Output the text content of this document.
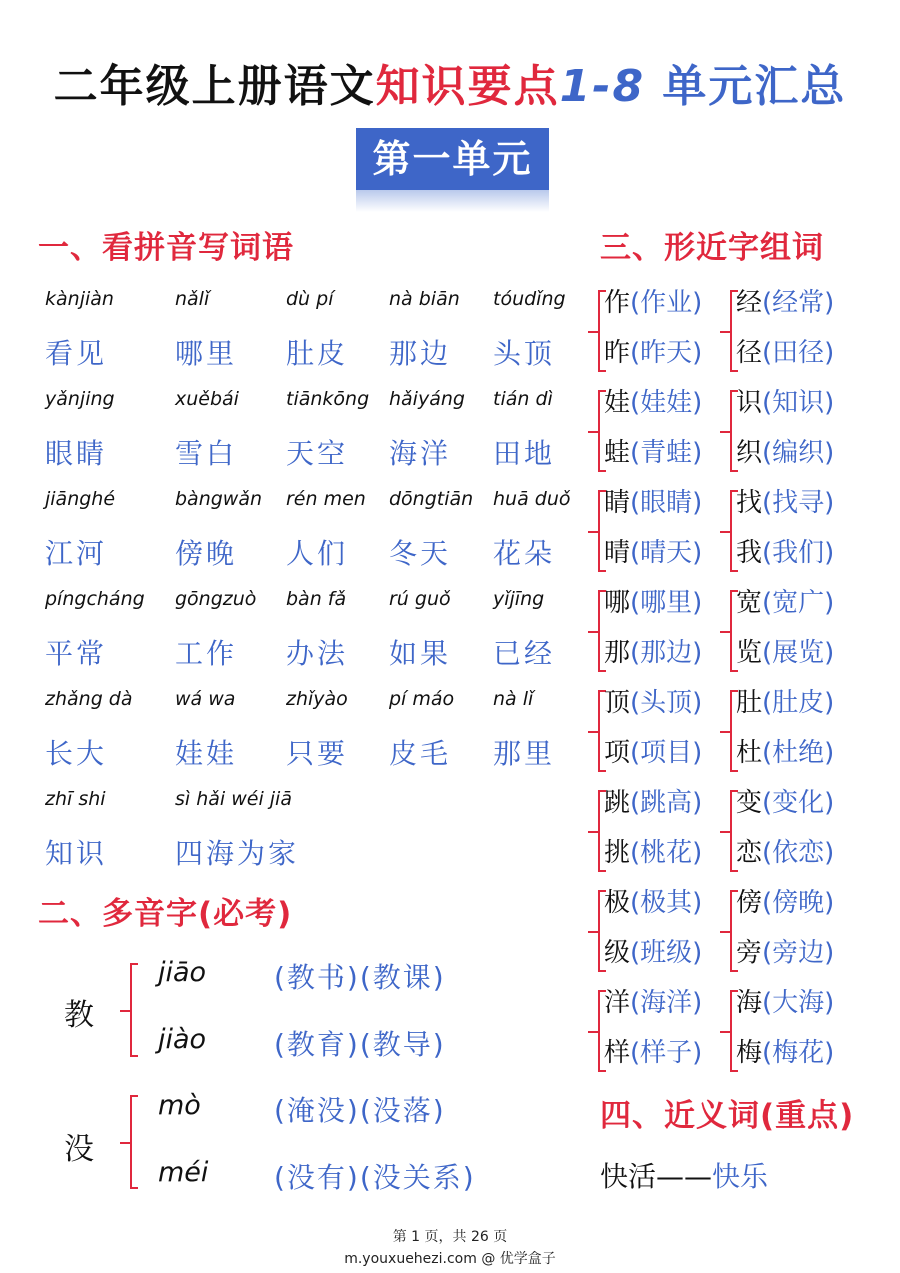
二年级上册语文知识要点1-8 单元汇总
第一单元
一、看拼音写词语
kànjiàn
看见
nǎlǐ
哪里
dù pí
肚皮
nà biān
那边
tóudǐng
头顶
yǎnjing
眼睛
xuěbái
雪白
tiānkōng
天空
hǎiyáng
海洋
tián dì
田地
jiānghé
江河
bàngwǎn
傍晚
rén men
人们
dōngtiān
冬天
huā duǒ
花朵
píngcháng
平常
gōngzuò
工作
bàn fǎ
办法
rú guǒ
如果
yǐjīng
已经
zhǎng dà
长大
wá wa
娃娃
zhǐyào
只要
pí máo
皮毛
nà lǐ
那里
zhī shi
知识
sì hǎi wéi jiā
四海为家
二、多音字(必考)
教
jiāo (教书)(教课)
jiào (教育)(教导)
没
mò	(淹没)(没落)
méi (没有)(没关系)
三、形近字组词
作(作业)
昨(昨天)
经(经常)
径(田径)
娃(娃娃)
蛙(青蛙)
识(知识)
织(编织)
睛(眼睛)
晴(晴天)
找(找寻)
我(我们)
哪(哪里)
那(那边)
宽(宽广)
览(展览)
顶(头顶)
项(项目)
肚(肚皮)
杜(杜绝)
跳(跳高)
挑(桃花)
变(变化)
恋(依恋)
极(极其)
级(班级)
傍(傍晚)
旁(旁边)
洋(海洋)
样(样子)
海(大海)
梅(梅花)
四、近义词(重点)
快活——快乐
第 1 页，共 26 页
m.youxuehezi.com @ 优学盒子
